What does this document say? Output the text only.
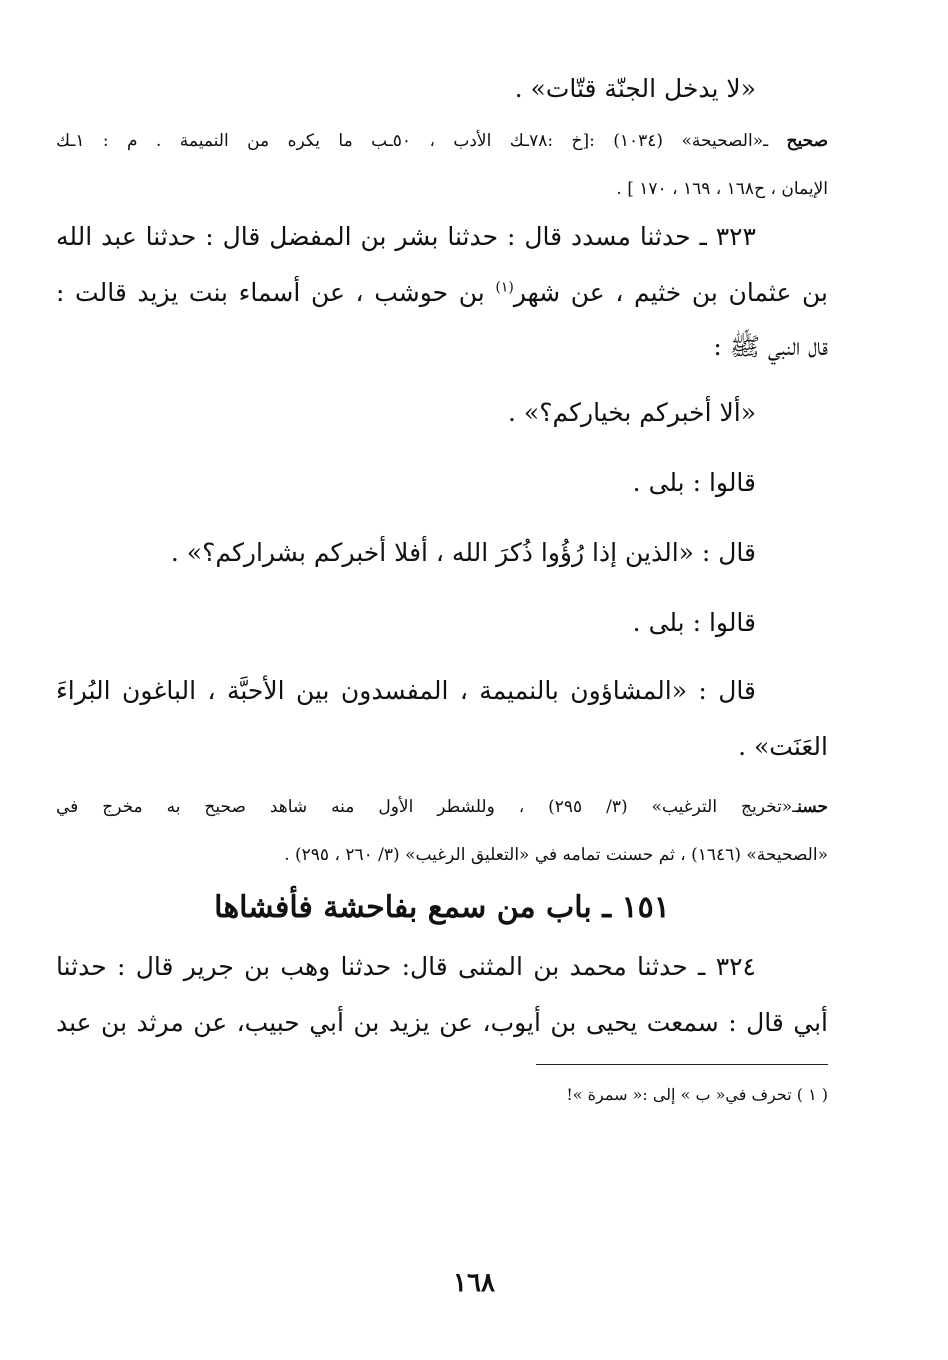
«لا يدخل الجنّة قتّات» .
صحيح ـ«الصحيحة» (١٠٣٤) :[خ :٧٨ـك الأدب ، ٥٠ـب ما يكره من النميمة . م : ١ـك
الإيمان ، ح١٦٨ ، ١٦٩ ، ١٧٠ ] .
٣٢٣ ـ حدثنا مسدد قال : حدثنا بشر بن المفضل قال : حدثنا عبد الله
بن عثمان بن خثيم ، عن شهر$^{(١)}$ بن حوشب ، عن أسماء بنت يزيد قالت :
قال النبي ﷺ :
«ألا أخبركم بخياركم؟» .
قالوا : بلى .
قال : «الذين إذا رُؤُوا ذُكرَ الله ، أفلا أخبركم بشراركم؟» .
قالوا : بلى .
قال : «المشاؤون بالنميمة ، المفسدون بين الأحبَّة ، الباغون البُراءَ
العَنَت» .
حسنـ«تخريج الترغيب» (٣/ ٢٩٥) ، وللشطر الأول منه شاهد صحيح به مخرج في
«الصحيحة» (١٦٤٦) ، ثم حسنت تمامه في «التعليق الرغيب» (٣/ ٢٦٠ ، ٢٩٥) .
١٥١ ـ باب من سمع بفاحشة فأفشاها
٣٢٤ ـ حدثنا محمد بن المثنى قال: حدثنا وهب بن جرير قال : حدثنا
أبي قال : سمعت يحيى بن أيوب، عن يزيد بن أبي حبيب، عن مرثد بن عبد
( ١ ) تحرف في« ب » إلى :« سمرة »!
١٦٨
